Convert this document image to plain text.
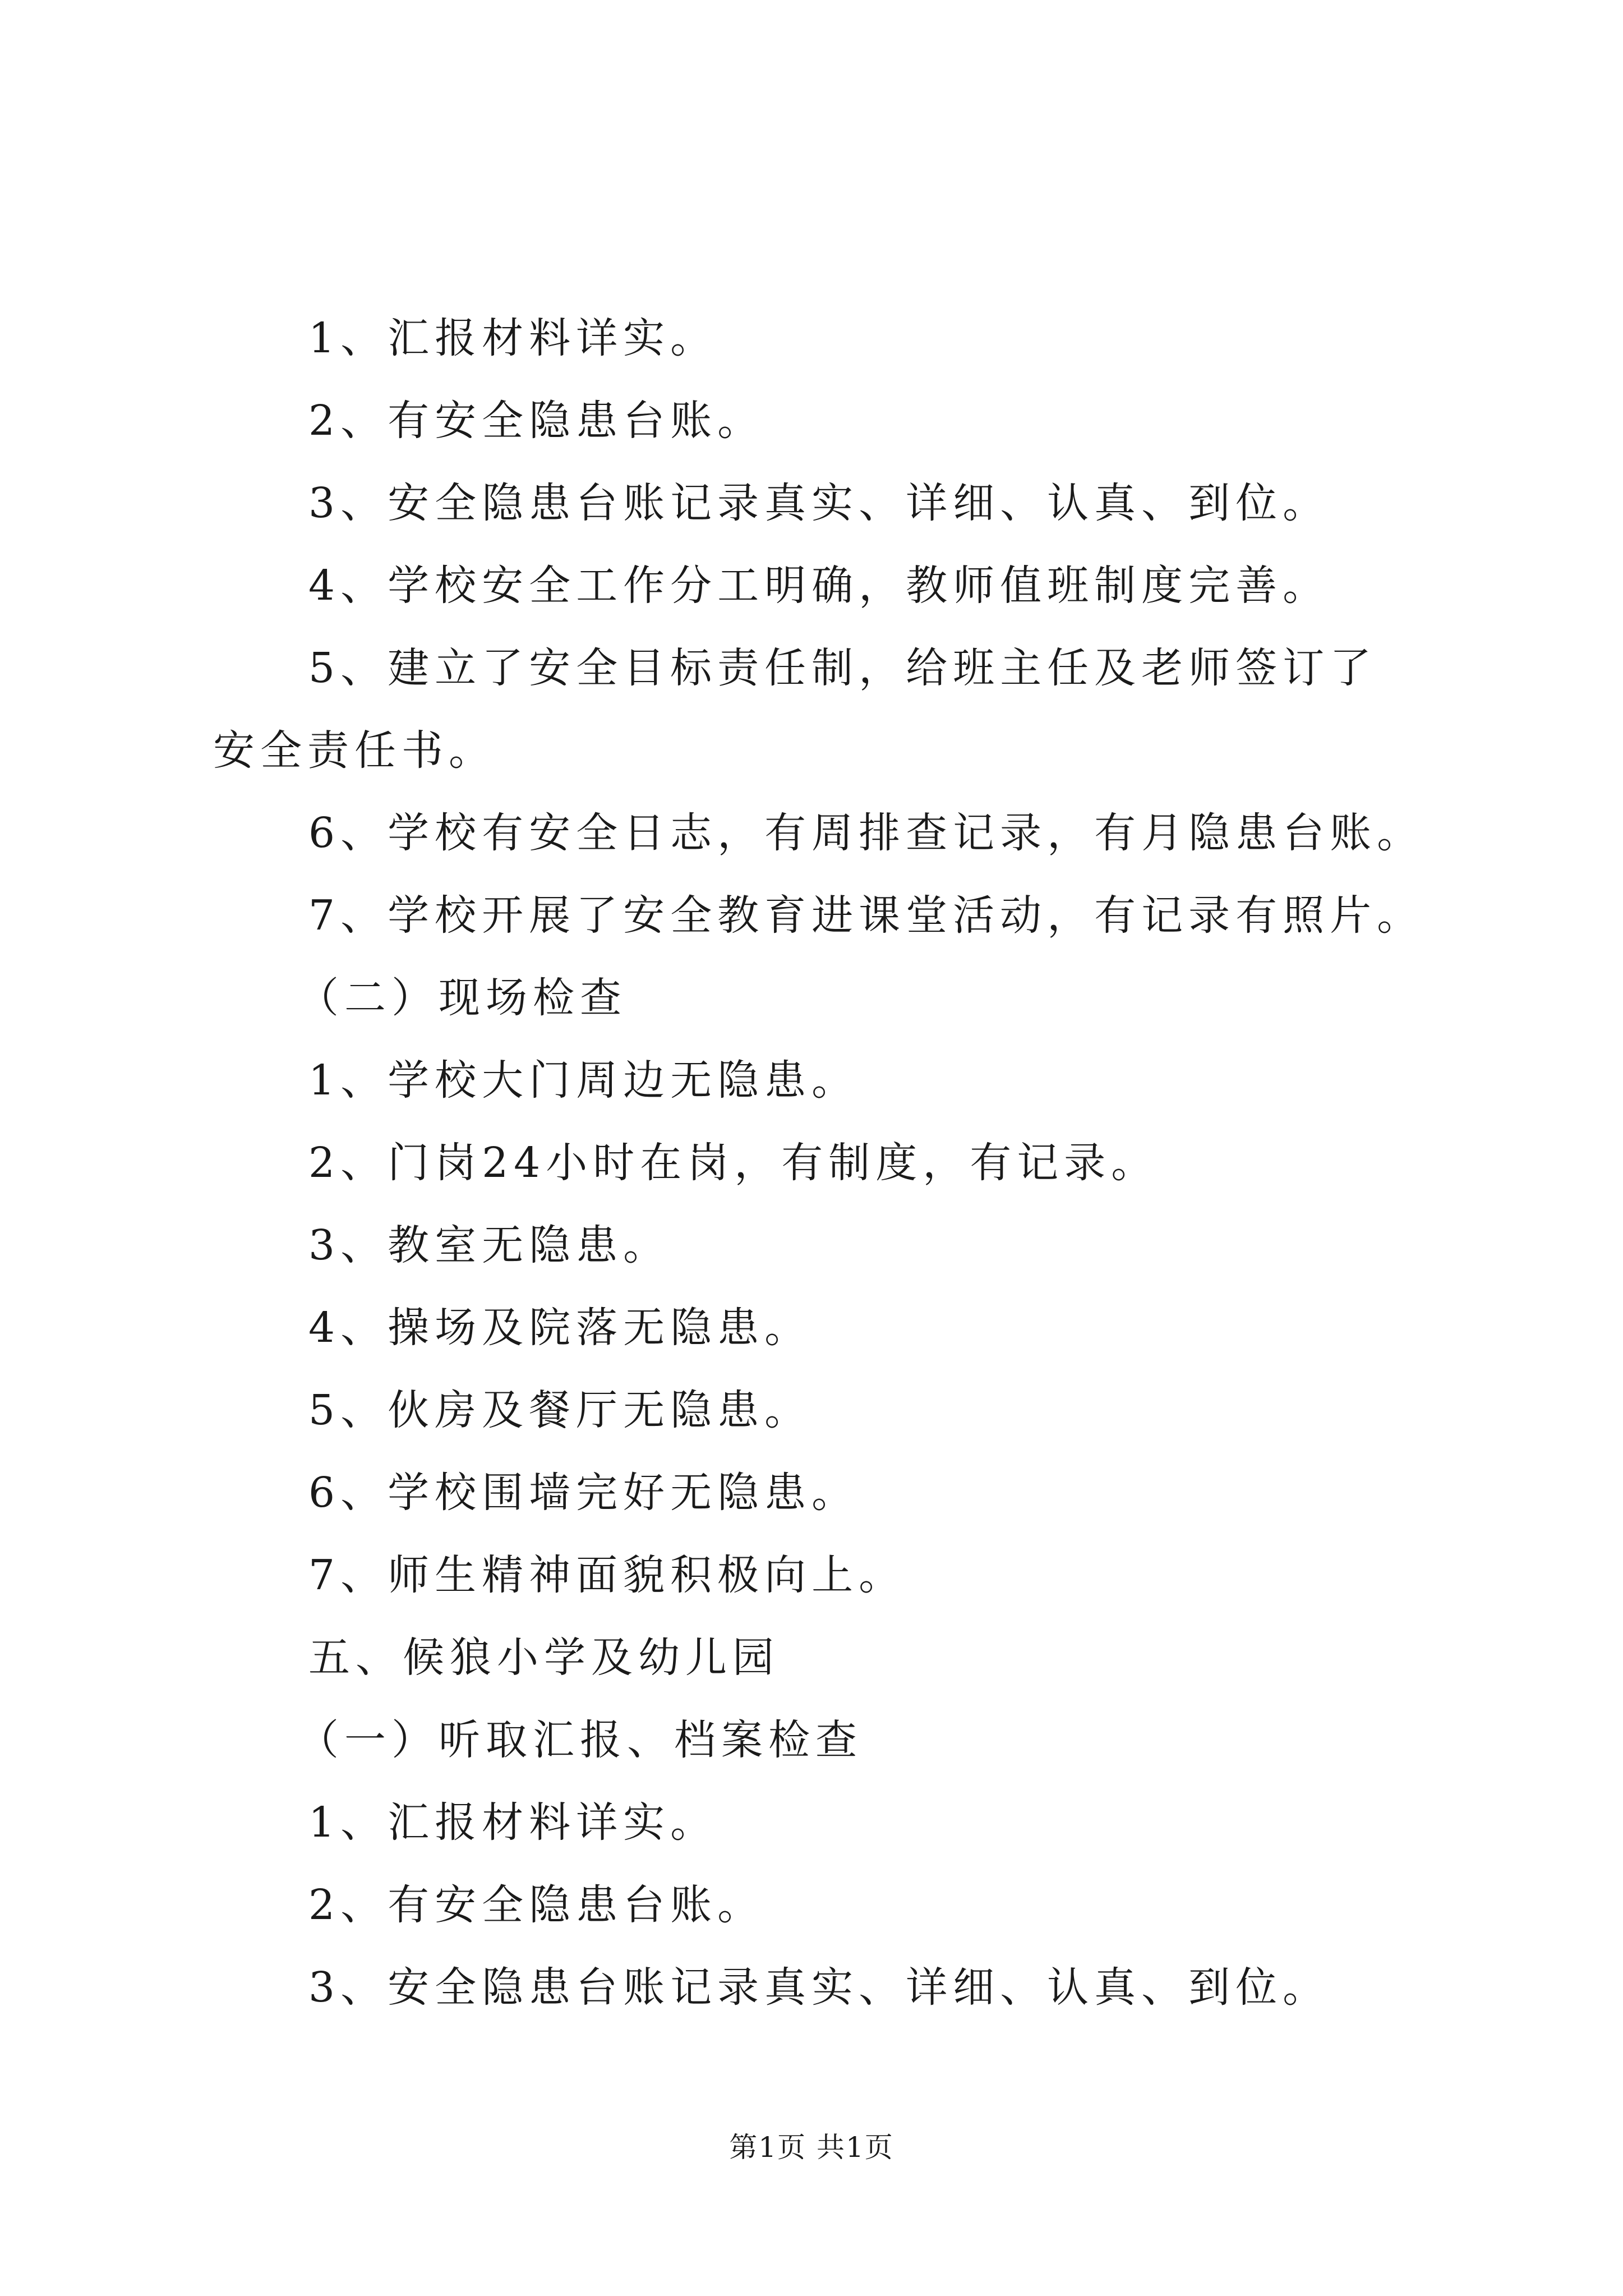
1、汇报材料详实。

2、有安全隐患台账。

3、安全隐患台账记录真实、详细、认真、到位。

4、学校安全工作分工明确，教师值班制度完善。

5、建立了安全目标责任制，给班主任及老师签订了安全责任书。

6、学校有安全日志，有周排查记录，有月隐患台账。

7、学校开展了安全教育进课堂活动，有记录有照片。

（二）现场检查

1、学校大门周边无隐患。

2、门岗24小时在岗，有制度，有记录。

3、教室无隐患。

4、操场及院落无隐患。

5、伙房及餐厅无隐患。

6、学校围墙完好无隐患。

7、师生精神面貌积极向上。

五、候狼小学及幼儿园

（一）听取汇报、档案检查

1、汇报材料详实。

2、有安全隐患台账。

3、安全隐患台账记录真实、详细、认真、到位。

第1页 共1页
